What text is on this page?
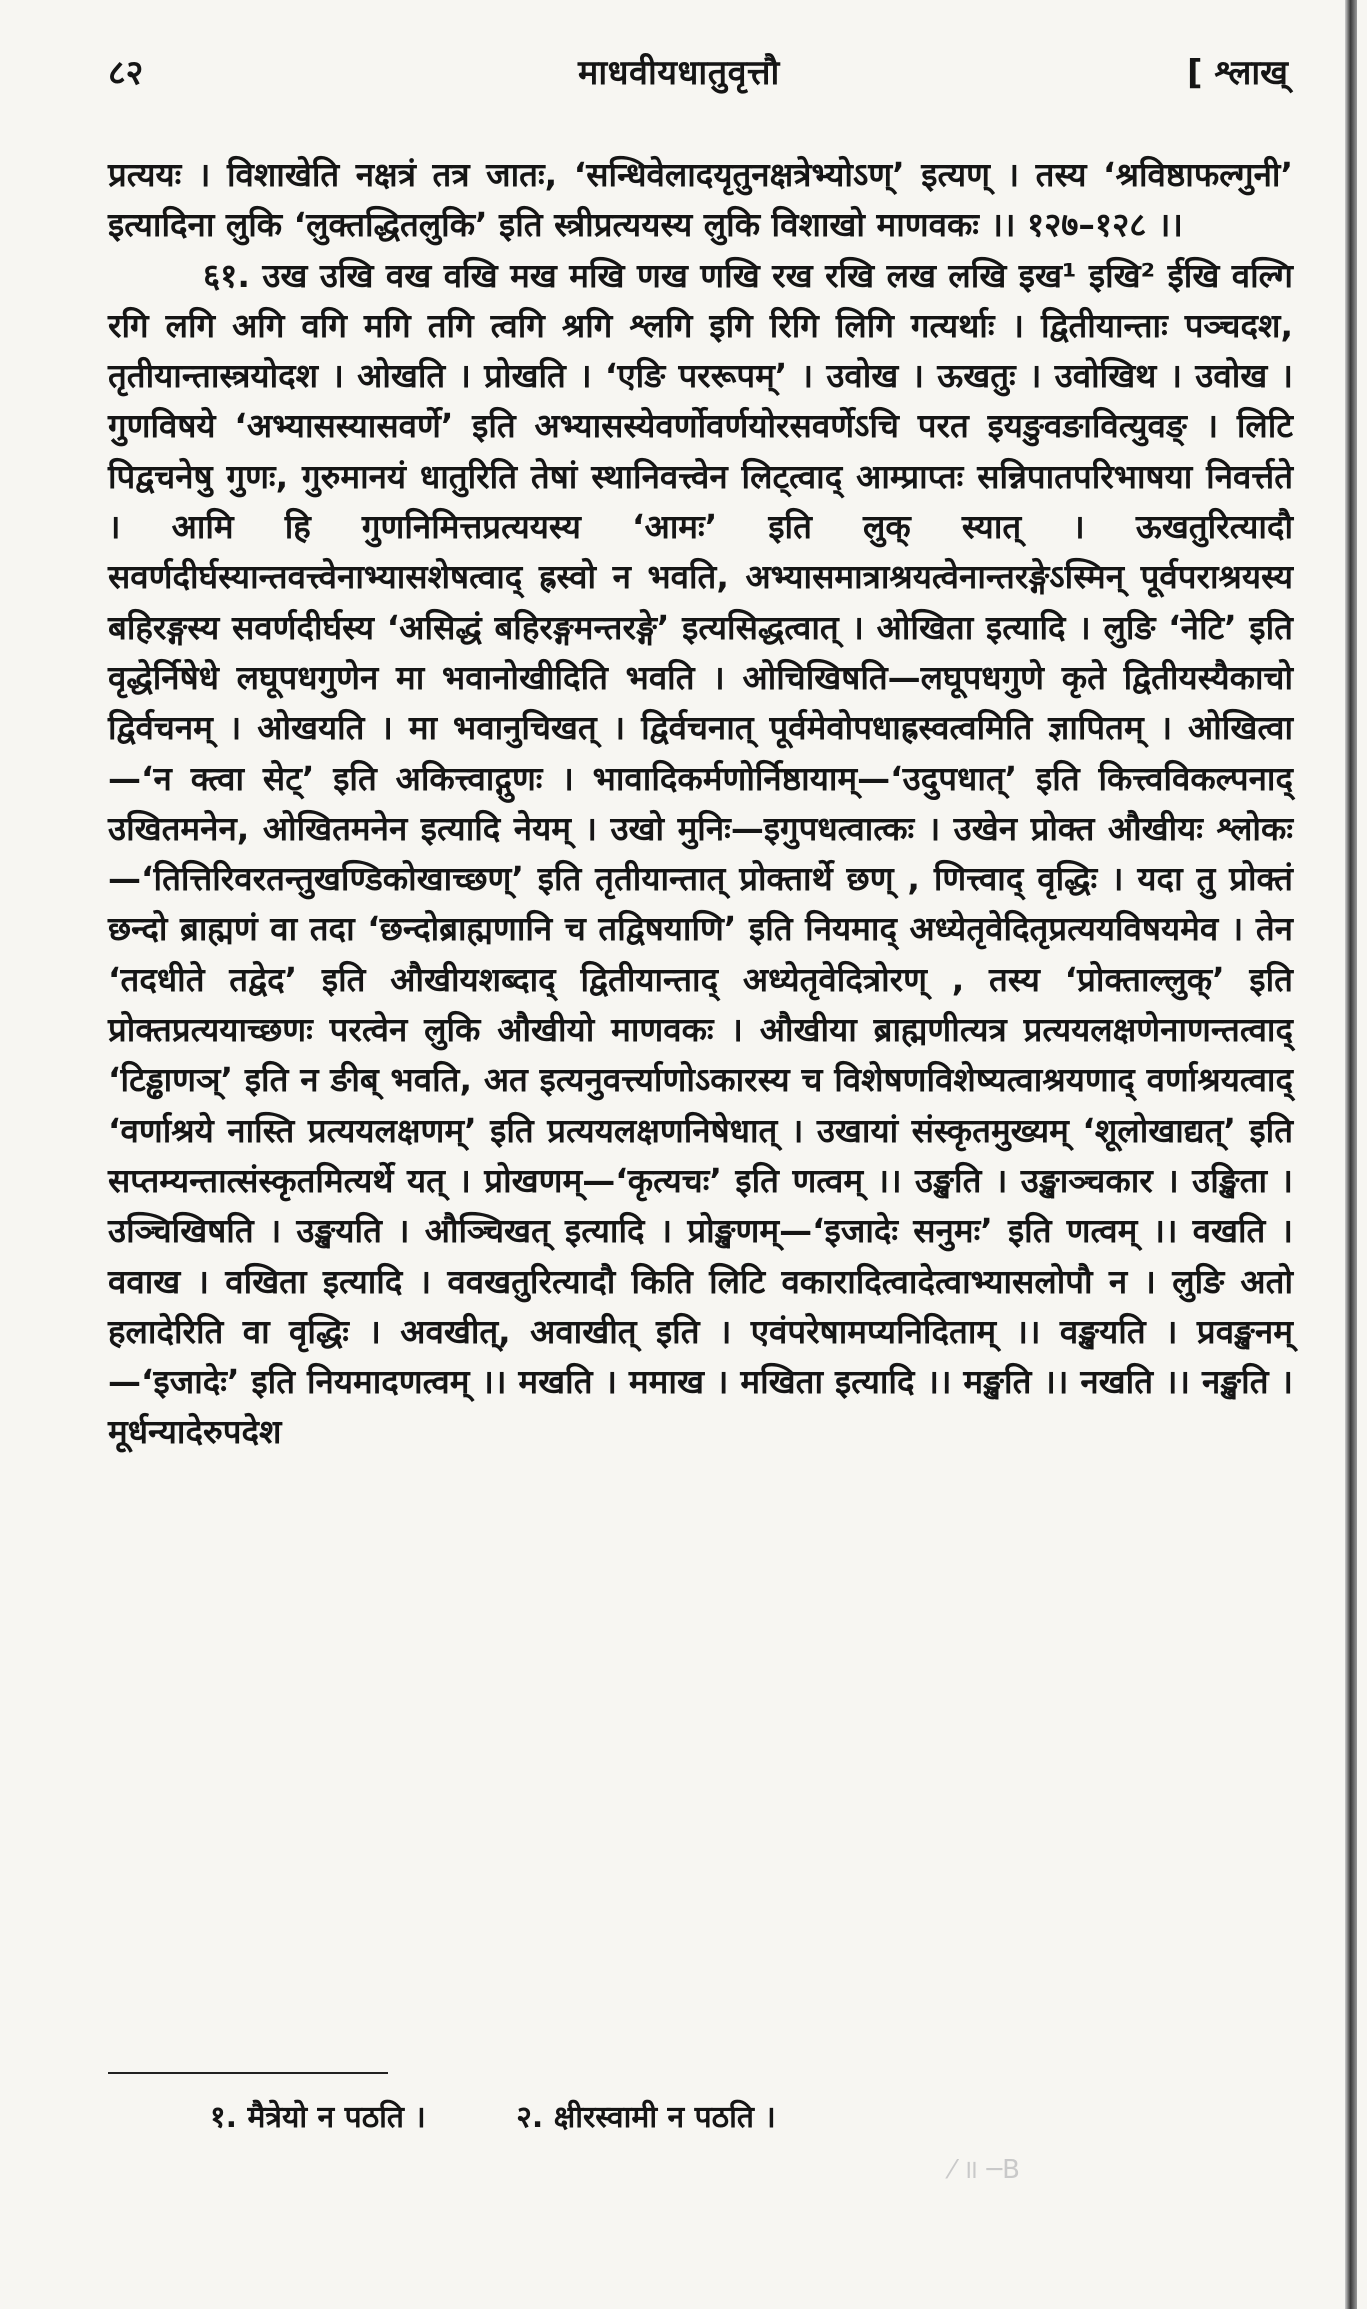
८२	माधवीयधातुवृत्तौ	[ श्लाख्

प्रत्ययः । विशाखेति नक्षत्रं तत्र जातः, ‘सन्धिवेलादयृतुनक्षत्रेभ्योऽण्’ इत्यण् । तस्य ‘श्रविष्ठाफल्गुनी’ इत्यादिना लुकि ‘लुक्तद्धितलुकि’ इति स्त्रीप्रत्ययस्य लुकि विशाखो माणवकः ।। १२७–१२८ ।।

६१. उख उखि वख वखि मख मखि णख णखि रख रखि लख लखि इख¹ इखि² ईखि वल्गि रगि लगि अगि वगि मगि तगि त्वगि श्रगि श्लगि इगि रिगि लिगि गत्यर्थाः । द्वितीयान्ताः पञ्चदश, तृतीयान्तास्त्रयोदश । ओखति । प्रोखति । ‘एङि पररूपम्’ । उवोख । ऊखतुः । उवोखिथ । उवोख । गुणविषये ‘अभ्यासस्यासवर्णे’ इति अभ्यासस्येवर्णोवर्णयोरसवर्णेऽचि परत इयङुवङावित्युवङ् । लिटि पिद्वचनेषु गुणः, गुरुमानयं धातुरिति तेषां स्थानिवत्त्वेन लिट्त्वाद् आम्प्राप्तः सन्निपातपरिभाषया निवर्त्तते । आमि हि गुणनिमित्तप्रत्ययस्य ‘आमः’ इति लुक् स्यात् । ऊखतुरित्यादौ सवर्णदीर्घस्यान्तवत्त्वेनाभ्यासशेषत्वाद् ह्रस्वो न भवति, अभ्यासमात्राश्रयत्वेनान्तरङ्गेऽस्मिन् पूर्वपराश्रयस्य बहिरङ्गस्य सवर्णदीर्घस्य ‘असिद्धं बहिरङ्गमन्तरङ्गे’ इत्यसिद्धत्वात् । ओखिता इत्यादि । लुङि ‘नेटि’ इति वृद्धेर्निषेधे लघूपधगुणेन मा भवानोखीदिति भवति । ओचिखिषति—लघूपधगुणे कृते द्वितीयस्यैकाचो द्विर्वचनम् । ओखयति । मा भवानुचिखत् । द्विर्वचनात् पूर्वमेवोपधाह्रस्वत्वमिति ज्ञापितम् । ओखित्वा—‘न क्त्वा सेट्’ इति अकित्त्वाद्गुणः । भावादिकर्मणोर्निष्ठायाम्—‘उदुपधात्’ इति कित्त्वविकल्पनाद् उखितमनेन, ओखितमनेन इत्यादि नेयम् । उखो मुनिः—इगुपधत्वात्कः । उखेन प्रोक्त औखीयः श्लोकः—‘तित्तिरिवरतन्तुखण्डिकोखाच्छण्’ इति तृतीयान्तात् प्रोक्तार्थे छण् , णित्त्वाद् वृद्धिः । यदा तु प्रोक्तं छन्दो ब्राह्मणं वा तदा ‘छन्दोब्राह्मणानि च तद्विषयाणि’ इति नियमाद् अध्येतृवेदितृप्रत्ययविषयमेव । तेन ‘तदधीते तद्वेद’ इति औखीयशब्दाद् द्वितीयान्ताद् अध्येतृवेदित्रोरण् , तस्य ‘प्रोक्ताल्लुक्’ इति प्रोक्तप्रत्ययाच्छणः परत्वेन लुकि औखीयो माणवकः । औखीया ब्राह्मणीत्यत्र प्रत्ययलक्षणेनाणन्तत्वाद् ‘टिड्ढाणञ्’ इति न ङीब् भवति, अत इत्यनुवर्त्त्याणोऽकारस्य च विशेषणविशेष्यत्वाश्रयणाद् वर्णाश्रयत्वाद् ‘वर्णाश्रये नास्ति प्रत्ययलक्षणम्’ इति प्रत्ययलक्षणनिषेधात् । उखायां संस्कृतमुख्यम् ‘शूलोखाद्यत्’ इति सप्तम्यन्तात्संस्कृतमित्यर्थे यत् । प्रोखणम्—‘कृत्यचः’ इति णत्वम् ।। उङ्खति । उङ्खाञ्चकार । उङ्खिता । उञ्चिखिषति । उङ्खयति । औञ्चिखत् इत्यादि । प्रोङ्खणम्—‘इजादेः सनुमः’ इति णत्वम् ।। वखति । ववाख । वखिता इत्यादि । ववखतुरित्यादौ किति लिटि वकारादित्वादेत्वाभ्यासलोपौ न । लुङि अतो हलादेरिति वा वृद्धिः । अवखीत्, अवाखीत् इति । एवंपरेषामप्यनिदिताम् ।। वङ्खयति । प्रवङ्खनम्—‘इजादेः’ इति नियमादणत्वम् ।। मखति । ममाख । मखिता इत्यादि ।। मङ्खति ।। नखति ।। नङ्खति । मूर्धन्यादेरुपदेश

१. मैत्रेयो न पठति ।	२. क्षीरस्वामी न पठति ।
⁄ ॥ ─B
